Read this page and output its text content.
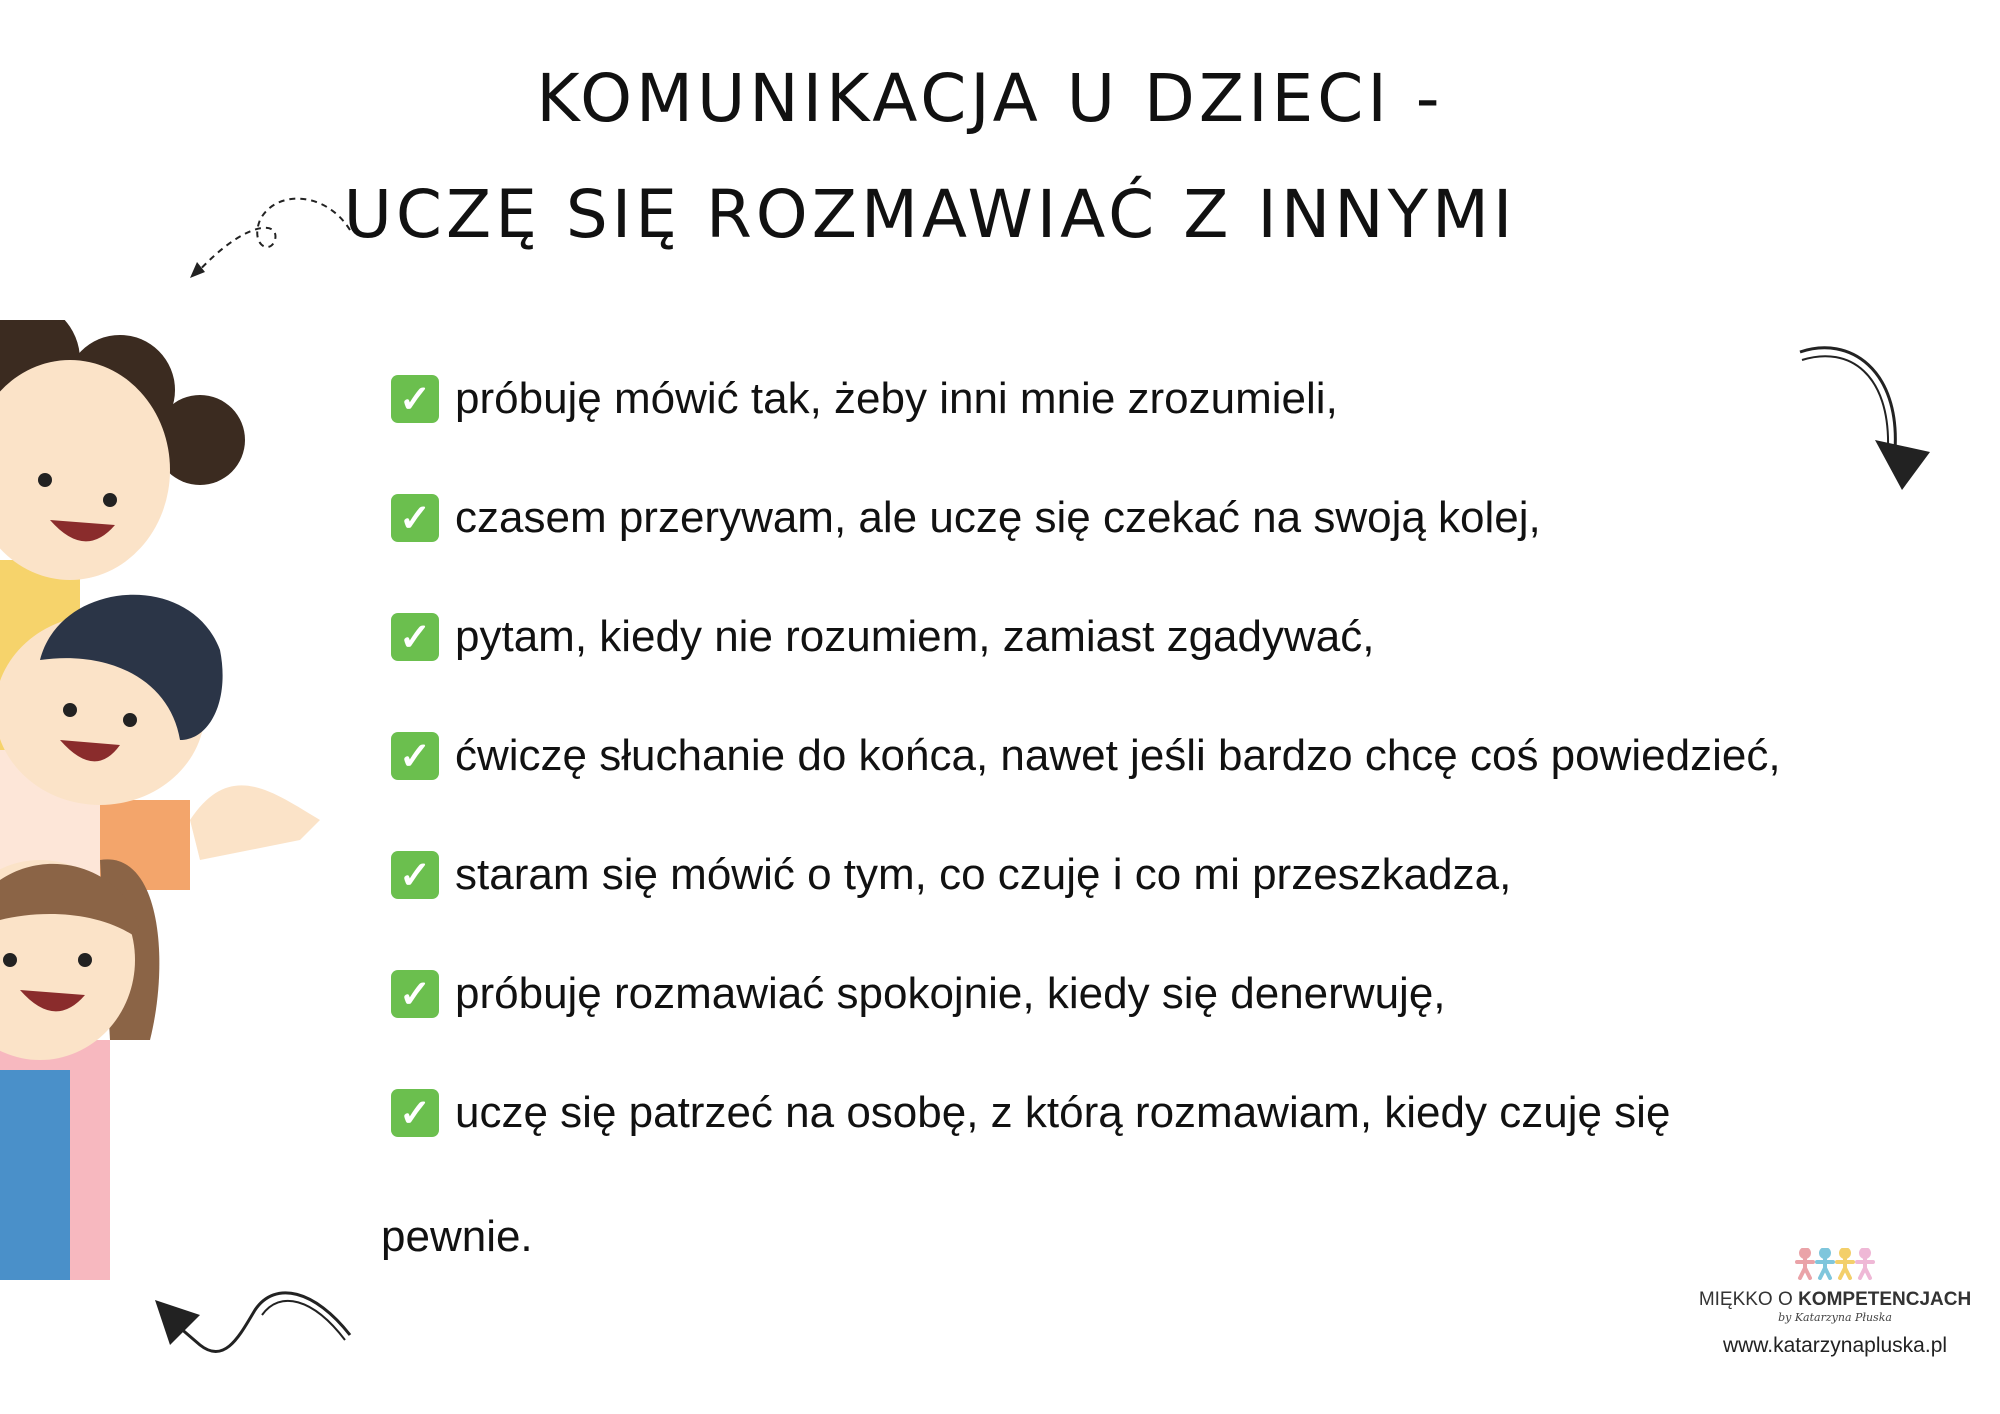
KOMUNIKACJA U DZIECI -
UCZĘ SIĘ ROZMAWIAĆ Z INNYMI
✓ próbuję mówić tak, żeby inni mnie zrozumieli,
✓ czasem przerywam, ale uczę się czekać na swoją kolej,
✓ pytam, kiedy nie rozumiem, zamiast zgadywać,
✓ ćwiczę słuchanie do końca, nawet jeśli bardzo chcę coś powiedzieć,
✓ staram się mówić o tym, co czuję i co mi przeszkadza,
✓ próbuję rozmawiać spokojnie, kiedy się denerwuję,
✓ uczę się patrzeć na osobę, z którą rozmawiam, kiedy czuję się
pewnie.
MIĘKKO O KOMPETENCJACH
by Katarzyna Płuska
www.katarzynapluska.pl
